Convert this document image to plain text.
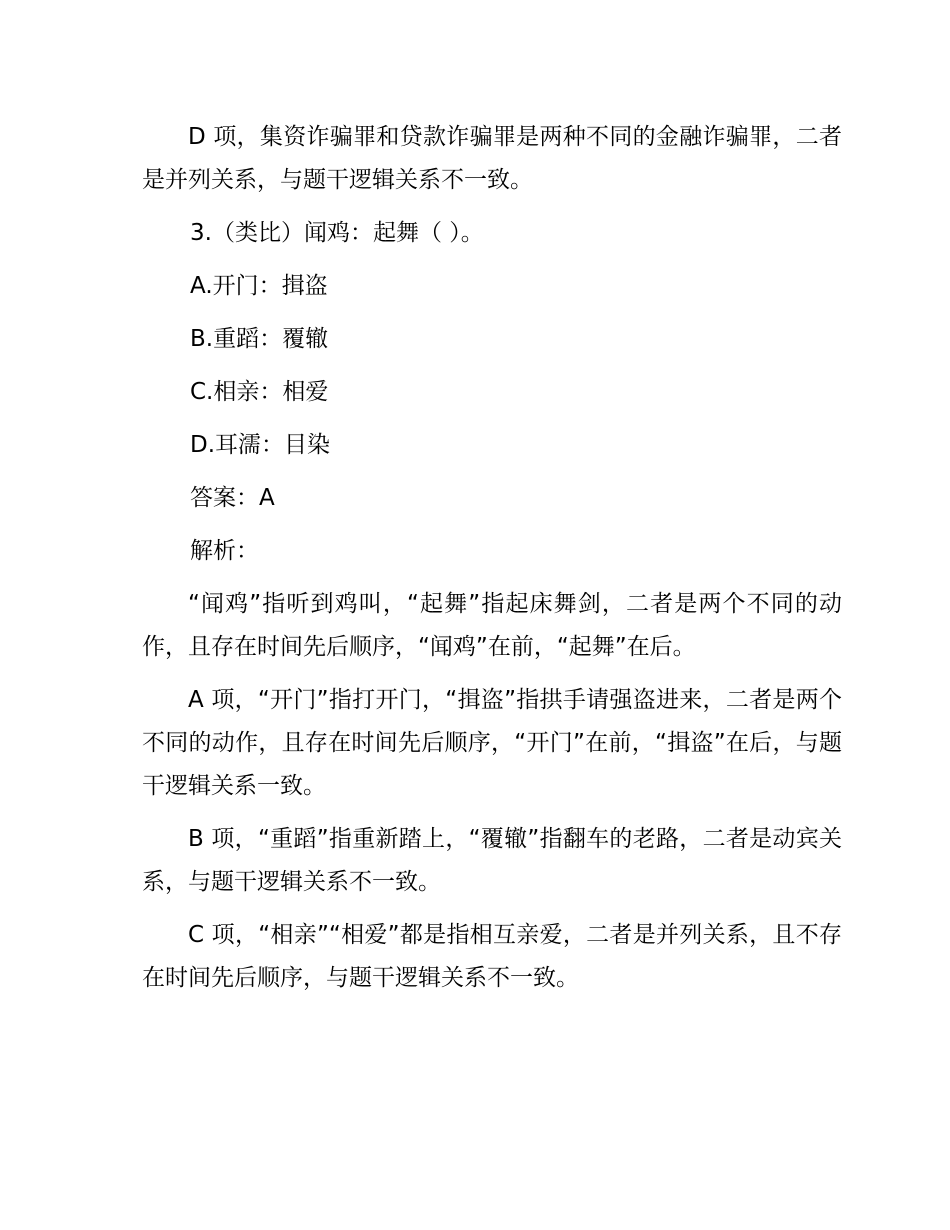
D 项，集资诈骗罪和贷款诈骗罪是两种不同的金融诈骗罪，二者是并列关系，与题干逻辑关系不一致。

3.（类比）闻鸡：起舞（ ）。

A.开门：揖盗

B.重蹈：覆辙

C.相亲：相爱

D.耳濡：目染

答案：A

解析：

“闻鸡”指听到鸡叫，“起舞”指起床舞剑，二者是两个不同的动作，且存在时间先后顺序，“闻鸡”在前，“起舞”在后。

A 项，“开门”指打开门，“揖盗”指拱手请强盗进来，二者是两个不同的动作，且存在时间先后顺序，“开门”在前，“揖盗”在后，与题干逻辑关系一致。

B 项，“重蹈”指重新踏上，“覆辙”指翻车的老路，二者是动宾关系，与题干逻辑关系不一致。

C 项，“相亲”“相爱”都是指相互亲爱，二者是并列关系，且不存在时间先后顺序，与题干逻辑关系不一致。
